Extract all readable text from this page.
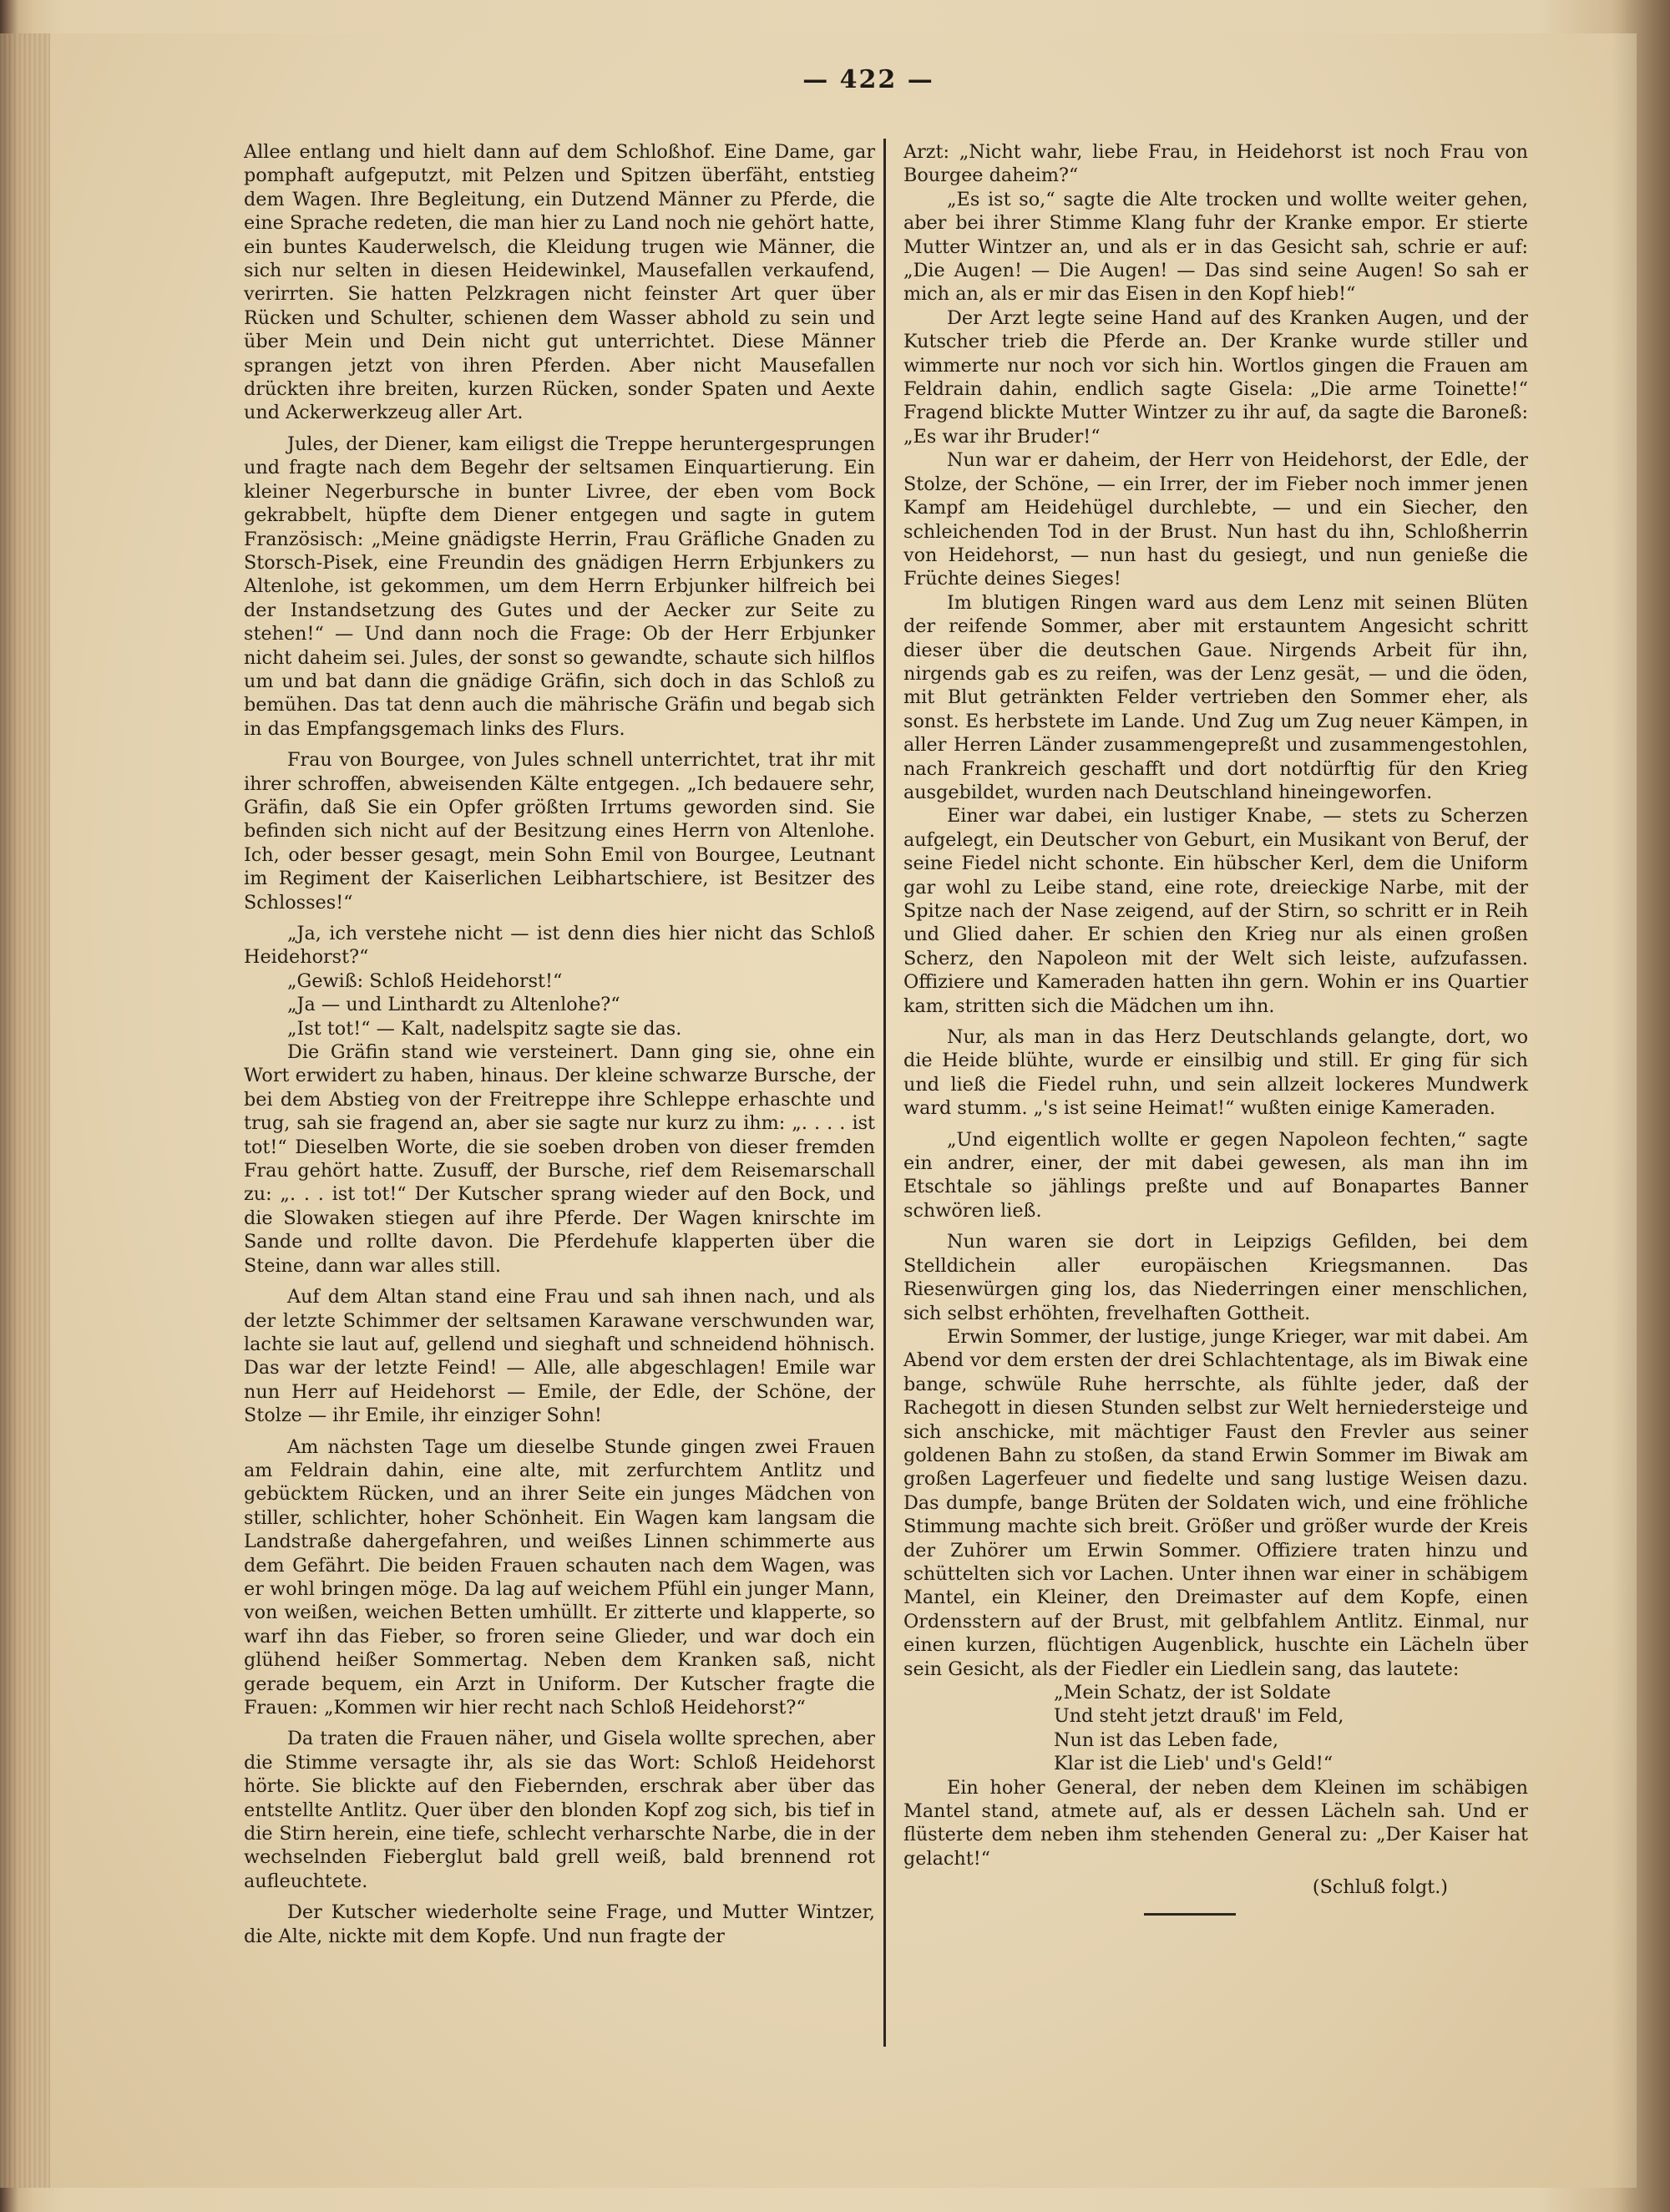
— 422 —

Allee entlang und hielt dann auf dem Schloßhof. Eine Dame, gar pomphaft aufgeputzt, mit Pelzen und Spitzen überfäht, entstieg dem Wagen. Ihre Begleitung, ein Dutzend Männer zu Pferde, die eine Sprache redeten, die man hier zu Land noch nie gehört hatte, ein buntes Kauderwelsch, die Kleidung trugen wie Männer, die sich nur selten in diesen Heidewinkel, Mausefallen verkaufend, verirrten. Sie hatten Pelzkragen nicht feinster Art quer über Rücken und Schulter, schienen dem Wasser abhold zu sein und über Mein und Dein nicht gut unterrichtet. Diese Männer sprangen jetzt von ihren Pferden. Aber nicht Mausefallen drückten ihre breiten, kurzen Rücken, sonder Spaten und Aexte und Ackerwerkzeug aller Art.

Jules, der Diener, kam eiligst die Treppe heruntergesprungen und fragte nach dem Begehr der seltsamen Einquartierung. Ein kleiner Negerbursche in bunter Livree, der eben vom Bock gekrabbelt, hüpfte dem Diener entgegen und sagte in gutem Französisch: „Meine gnädigste Herrin, Frau Gräfliche Gnaden zu Storsch-Pisek, eine Freundin des gnädigen Herrn Erbjunkers zu Altenlohe, ist gekommen, um dem Herrn Erbjunker hilfreich bei der Instandsetzung des Gutes und der Aecker zur Seite zu stehen!“ — Und dann noch die Frage: Ob der Herr Erbjunker nicht daheim sei. Jules, der sonst so gewandte, schaute sich hilflos um und bat dann die gnädige Gräfin, sich doch in das Schloß zu bemühen. Das tat denn auch die mährische Gräfin und begab sich in das Empfangsgemach links des Flurs.

Frau von Bourgee, von Jules schnell unterrichtet, trat ihr mit ihrer schroffen, abweisenden Kälte entgegen. „Ich bedauere sehr, Gräfin, daß Sie ein Opfer größten Irrtums geworden sind. Sie befinden sich nicht auf der Besitzung eines Herrn von Altenlohe. Ich, oder besser gesagt, mein Sohn Emil von Bourgee, Leutnant im Regiment der Kaiserlichen Leibhartschiere, ist Besitzer des Schlosses!“

„Ja, ich verstehe nicht — ist denn dies hier nicht das Schloß Heidehorst?“

„Gewiß: Schloß Heidehorst!“

„Ja — und Linthardt zu Altenlohe?“

„Ist tot!“ — Kalt, nadelspitz sagte sie das.

Die Gräfin stand wie versteinert. Dann ging sie, ohne ein Wort erwidert zu haben, hinaus. Der kleine schwarze Bursche, der bei dem Abstieg von der Freitreppe ihre Schleppe erhaschte und trug, sah sie fragend an, aber sie sagte nur kurz zu ihm: „. . . . ist tot!“ Dieselben Worte, die sie soeben droben von dieser fremden Frau gehört hatte. Zusuff, der Bursche, rief dem Reisemarschall zu: „. . . ist tot!“ Der Kutscher sprang wieder auf den Bock, und die Slowaken stiegen auf ihre Pferde. Der Wagen knirschte im Sande und rollte davon. Die Pferdehufe klapperten über die Steine, dann war alles still.

Auf dem Altan stand eine Frau und sah ihnen nach, und als der letzte Schimmer der seltsamen Karawane verschwunden war, lachte sie laut auf, gellend und sieghaft und schneidend höhnisch. Das war der letzte Feind! — Alle, alle abgeschlagen! Emile war nun Herr auf Heidehorst — Emile, der Edle, der Schöne, der Stolze — ihr Emile, ihr einziger Sohn!

Am nächsten Tage um dieselbe Stunde gingen zwei Frauen am Feldrain dahin, eine alte, mit zerfurchtem Antlitz und gebücktem Rücken, und an ihrer Seite ein junges Mädchen von stiller, schlichter, hoher Schönheit. Ein Wagen kam langsam die Landstraße dahergefahren, und weißes Linnen schimmerte aus dem Gefährt. Die beiden Frauen schauten nach dem Wagen, was er wohl bringen möge. Da lag auf weichem Pfühl ein junger Mann, von weißen, weichen Betten umhüllt. Er zitterte und klapperte, so warf ihn das Fieber, so froren seine Glieder, und war doch ein glühend heißer Sommertag. Neben dem Kranken saß, nicht gerade bequem, ein Arzt in Uniform. Der Kutscher fragte die Frauen: „Kommen wir hier recht nach Schloß Heidehorst?“

Da traten die Frauen näher, und Gisela wollte sprechen, aber die Stimme versagte ihr, als sie das Wort: Schloß Heidehorst hörte. Sie blickte auf den Fiebernden, erschrak aber über das entstellte Antlitz. Quer über den blonden Kopf zog sich, bis tief in die Stirn herein, eine tiefe, schlecht verharschte Narbe, die in der wechselnden Fieberglut bald grell weiß, bald brennend rot aufleuchtete.

Der Kutscher wiederholte seine Frage, und Mutter Wintzer, die Alte, nickte mit dem Kopfe. Und nun fragte der

Arzt: „Nicht wahr, liebe Frau, in Heidehorst ist noch Frau von Bourgee daheim?“

„Es ist so,“ sagte die Alte trocken und wollte weiter gehen, aber bei ihrer Stimme Klang fuhr der Kranke empor. Er stierte Mutter Wintzer an, und als er in das Gesicht sah, schrie er auf: „Die Augen! — Die Augen! — Das sind seine Augen! So sah er mich an, als er mir das Eisen in den Kopf hieb!“

Der Arzt legte seine Hand auf des Kranken Augen, und der Kutscher trieb die Pferde an. Der Kranke wurde stiller und wimmerte nur noch vor sich hin. Wortlos gingen die Frauen am Feldrain dahin, endlich sagte Gisela: „Die arme Toinette!“ Fragend blickte Mutter Wintzer zu ihr auf, da sagte die Baroneß: „Es war ihr Bruder!“

Nun war er daheim, der Herr von Heidehorst, der Edle, der Stolze, der Schöne, — ein Irrer, der im Fieber noch immer jenen Kampf am Heidehügel durchlebte, — und ein Siecher, den schleichenden Tod in der Brust. Nun hast du ihn, Schloßherrin von Heidehorst, — nun hast du gesiegt, und nun genieße die Früchte deines Sieges!

Im blutigen Ringen ward aus dem Lenz mit seinen Blüten der reifende Sommer, aber mit erstauntem Angesicht schritt dieser über die deutschen Gaue. Nirgends Arbeit für ihn, nirgends gab es zu reifen, was der Lenz gesät, — und die öden, mit Blut getränkten Felder vertrieben den Sommer eher, als sonst. Es herbstete im Lande. Und Zug um Zug neuer Kämpen, in aller Herren Länder zusammengepreßt und zusammengestohlen, nach Frankreich geschafft und dort notdürftig für den Krieg ausgebildet, wurden nach Deutschland hineingeworfen.

Einer war dabei, ein lustiger Knabe, — stets zu Scherzen aufgelegt, ein Deutscher von Geburt, ein Musikant von Beruf, der seine Fiedel nicht schonte. Ein hübscher Kerl, dem die Uniform gar wohl zu Leibe stand, eine rote, dreieckige Narbe, mit der Spitze nach der Nase zeigend, auf der Stirn, so schritt er in Reih und Glied daher. Er schien den Krieg nur als einen großen Scherz, den Napoleon mit der Welt sich leiste, aufzufassen. Offiziere und Kameraden hatten ihn gern. Wohin er ins Quartier kam, stritten sich die Mädchen um ihn.

Nur, als man in das Herz Deutschlands gelangte, dort, wo die Heide blühte, wurde er einsilbig und still. Er ging für sich und ließ die Fiedel ruhn, und sein allzeit lockeres Mundwerk ward stumm. „'s ist seine Heimat!“ wußten einige Kameraden.

„Und eigentlich wollte er gegen Napoleon fechten,“ sagte ein andrer, einer, der mit dabei gewesen, als man ihn im Etschtale so jählings preßte und auf Bonapartes Banner schwören ließ.

Nun waren sie dort in Leipzigs Gefilden, bei dem Stelldichein aller europäischen Kriegsmannen. Das Riesenwürgen ging los, das Niederringen einer menschlichen, sich selbst erhöhten, frevelhaften Gottheit.

Erwin Sommer, der lustige, junge Krieger, war mit dabei. Am Abend vor dem ersten der drei Schlachtentage, als im Biwak eine bange, schwüle Ruhe herrschte, als fühlte jeder, daß der Rachegott in diesen Stunden selbst zur Welt herniedersteige und sich anschicke, mit mächtiger Faust den Frevler aus seiner goldenen Bahn zu stoßen, da stand Erwin Sommer im Biwak am großen Lagerfeuer und fiedelte und sang lustige Weisen dazu. Das dumpfe, bange Brüten der Soldaten wich, und eine fröhliche Stimmung machte sich breit. Größer und größer wurde der Kreis der Zuhörer um Erwin Sommer. Offiziere traten hinzu und schüttelten sich vor Lachen. Unter ihnen war einer in schäbigem Mantel, ein Kleiner, den Dreimaster auf dem Kopfe, einen Ordensstern auf der Brust, mit gelbfahlem Antlitz. Einmal, nur einen kurzen, flüchtigen Augenblick, huschte ein Lächeln über sein Gesicht, als der Fiedler ein Liedlein sang, das lautete:

„Mein Schatz, der ist Soldate

Und steht jetzt drauß' im Feld,

Nun ist das Leben fade,

Klar ist die Lieb' und's Geld!“

Ein hoher General, der neben dem Kleinen im schäbigen Mantel stand, atmete auf, als er dessen Lächeln sah. Und er flüsterte dem neben ihm stehenden General zu: „Der Kaiser hat gelacht!“

(Schluß folgt.)
